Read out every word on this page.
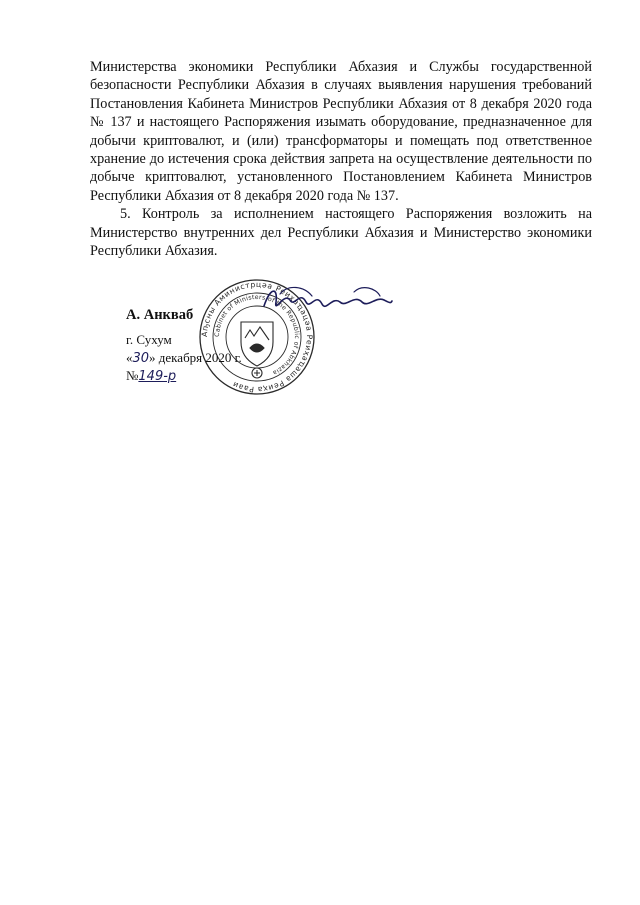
Министерства экономики Республики Абхазия и Службы государственной безопасности Республики Абхазия в случаях выявления нарушения требований Постановления Кабинета Министров Республики Абхазия от 8 декабря 2020 года № 137 и настоящего Распоряжения изымать оборудование, предназначенное для добычи криптовалют, и (или) трансформаторы и помещать под ответственное хранение до истечения срока действия запрета на осуществление деятельности по добыче криптовалют, установленного Постановлением Кабинета Министров Республики Абхазия от 8 декабря 2020 года № 137.

5. Контроль за исполнением настоящего Распоряжения возложить на Министерство внутренних дел Республики Абхазия и Министерство экономики Республики Абхазия.

А. Анкваб

Аҧсны Аминистрцәа Реиҳаҵацәа Реиҳаҵаша Реиҳа Рааи
Cabinet of Ministers of the Republic of Abkhazia

г. Сухум

«30» декабря 2020 г.

№149-р
